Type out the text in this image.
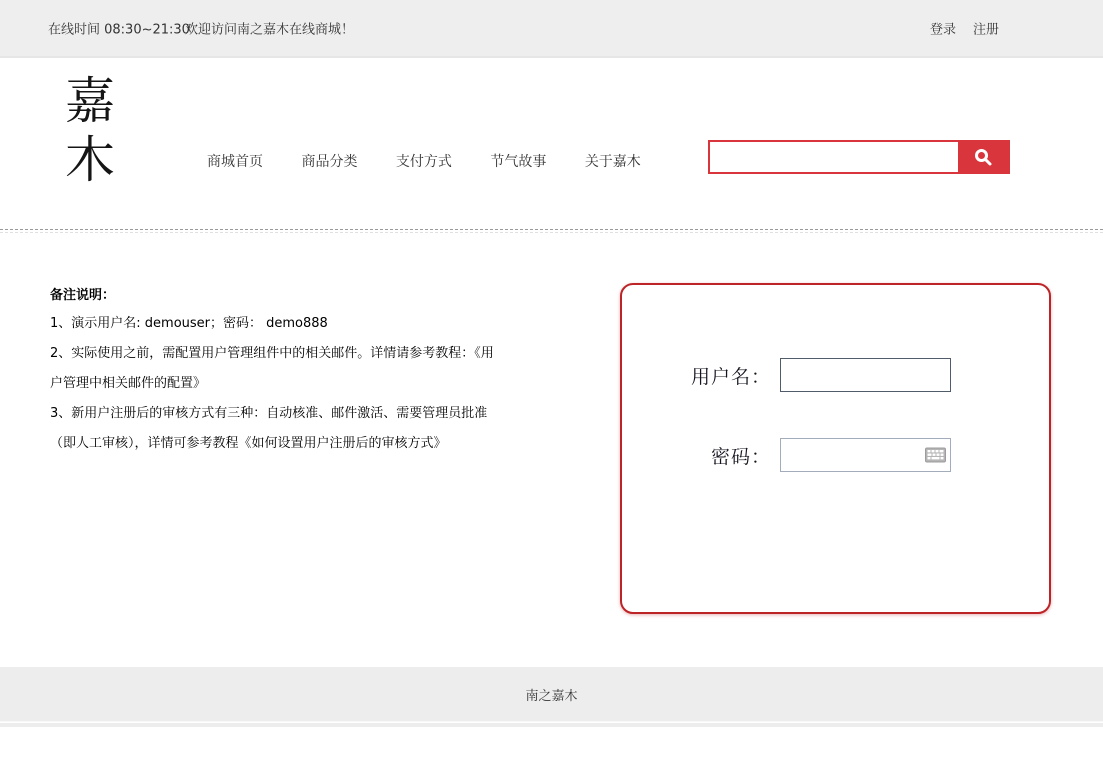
在线时间 08:30~21:30
欢迎访问南之嘉木在线商城！	登录 注册
嘉
木	商城首页	商品分类	支付方式	节气故事	关于嘉木
备注说明：
1、演示用户名: demouser；密码： demo888
2、实际使用之前，需配置用户管理组件中的相关邮件。详情请参考教程：《用
户管理中相关邮件的配置》
3、新用户注册后的审核方式有三种：自动核准、邮件激活、需要管理员批准
（即人工审核），详情可参考教程《如何设置用户注册后的审核方式》
用户名：
密码：
南之嘉木
